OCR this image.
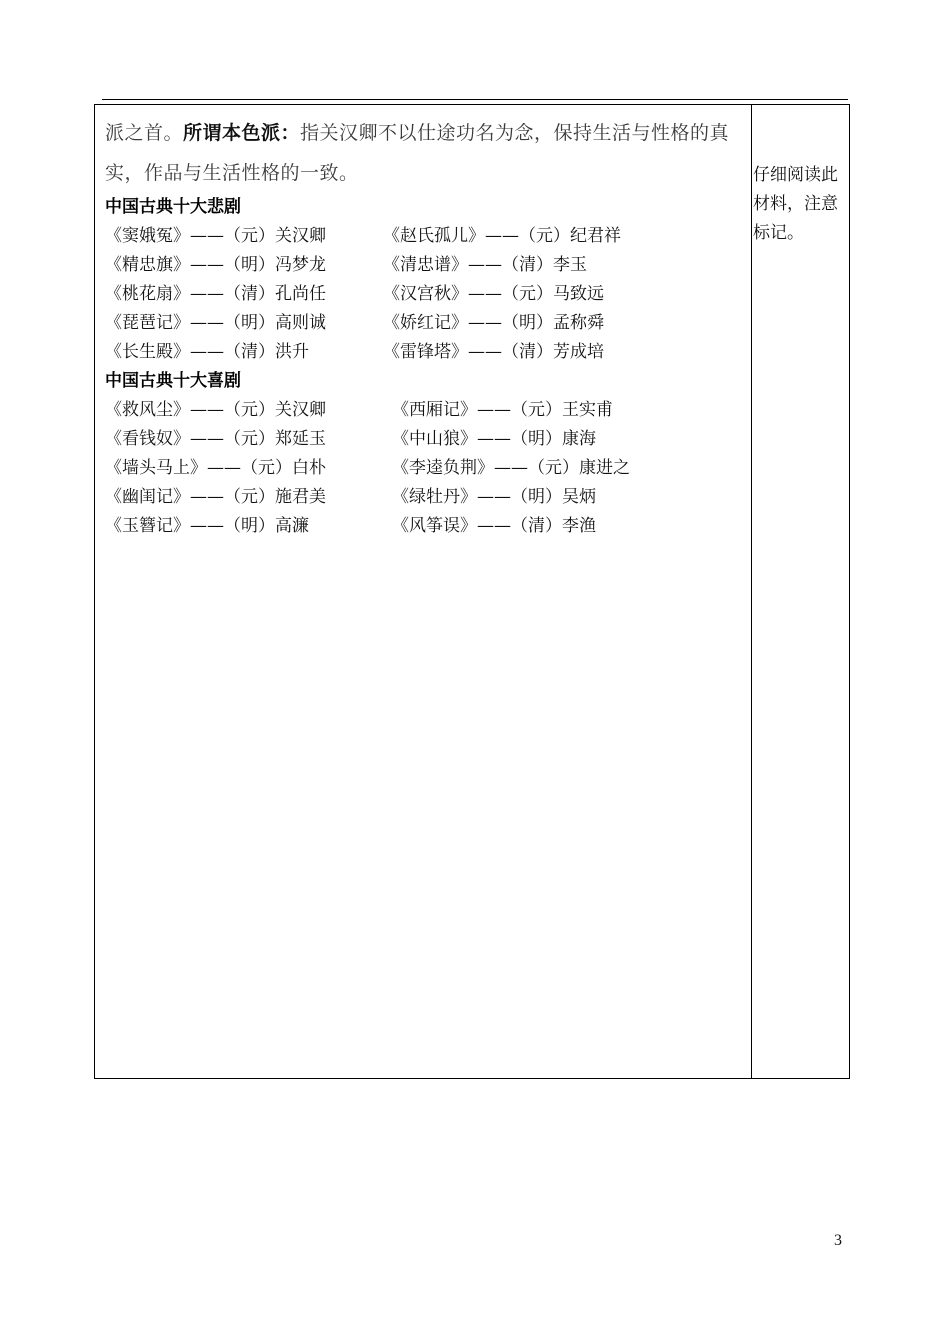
派之首。所谓本色派：指关汉卿不以仕途功名为念，保持生活与性格的真实，作品与生活性格的一致。

中国古典十大悲剧

《窦娥冤》——（元）关汉卿	《赵氏孤儿》——（元）纪君祥
《精忠旗》——（明）冯梦龙	《清忠谱》——（清）李玉
《桃花扇》——（清）孔尚任	《汉宫秋》——（元）马致远
《琵琶记》——（明）高则诚	《娇红记》——（明）孟称舜
《长生殿》——（清）洪升	《雷锋塔》——（清）芳成培

中国古典十大喜剧

《救风尘》——（元）关汉卿	《西厢记》——（元）王实甫
《看钱奴》——（元）郑延玉	《中山狼》——（明）康海
《墙头马上》——（元）白朴	《李逵负荆》——（元）康进之
《幽闺记》——（元）施君美	《绿牡丹》——（明）吴炳
《玉簪记》——（明）高濂	《风筝误》——（清）李渔
仔细阅读此材料，注意标记。
3
